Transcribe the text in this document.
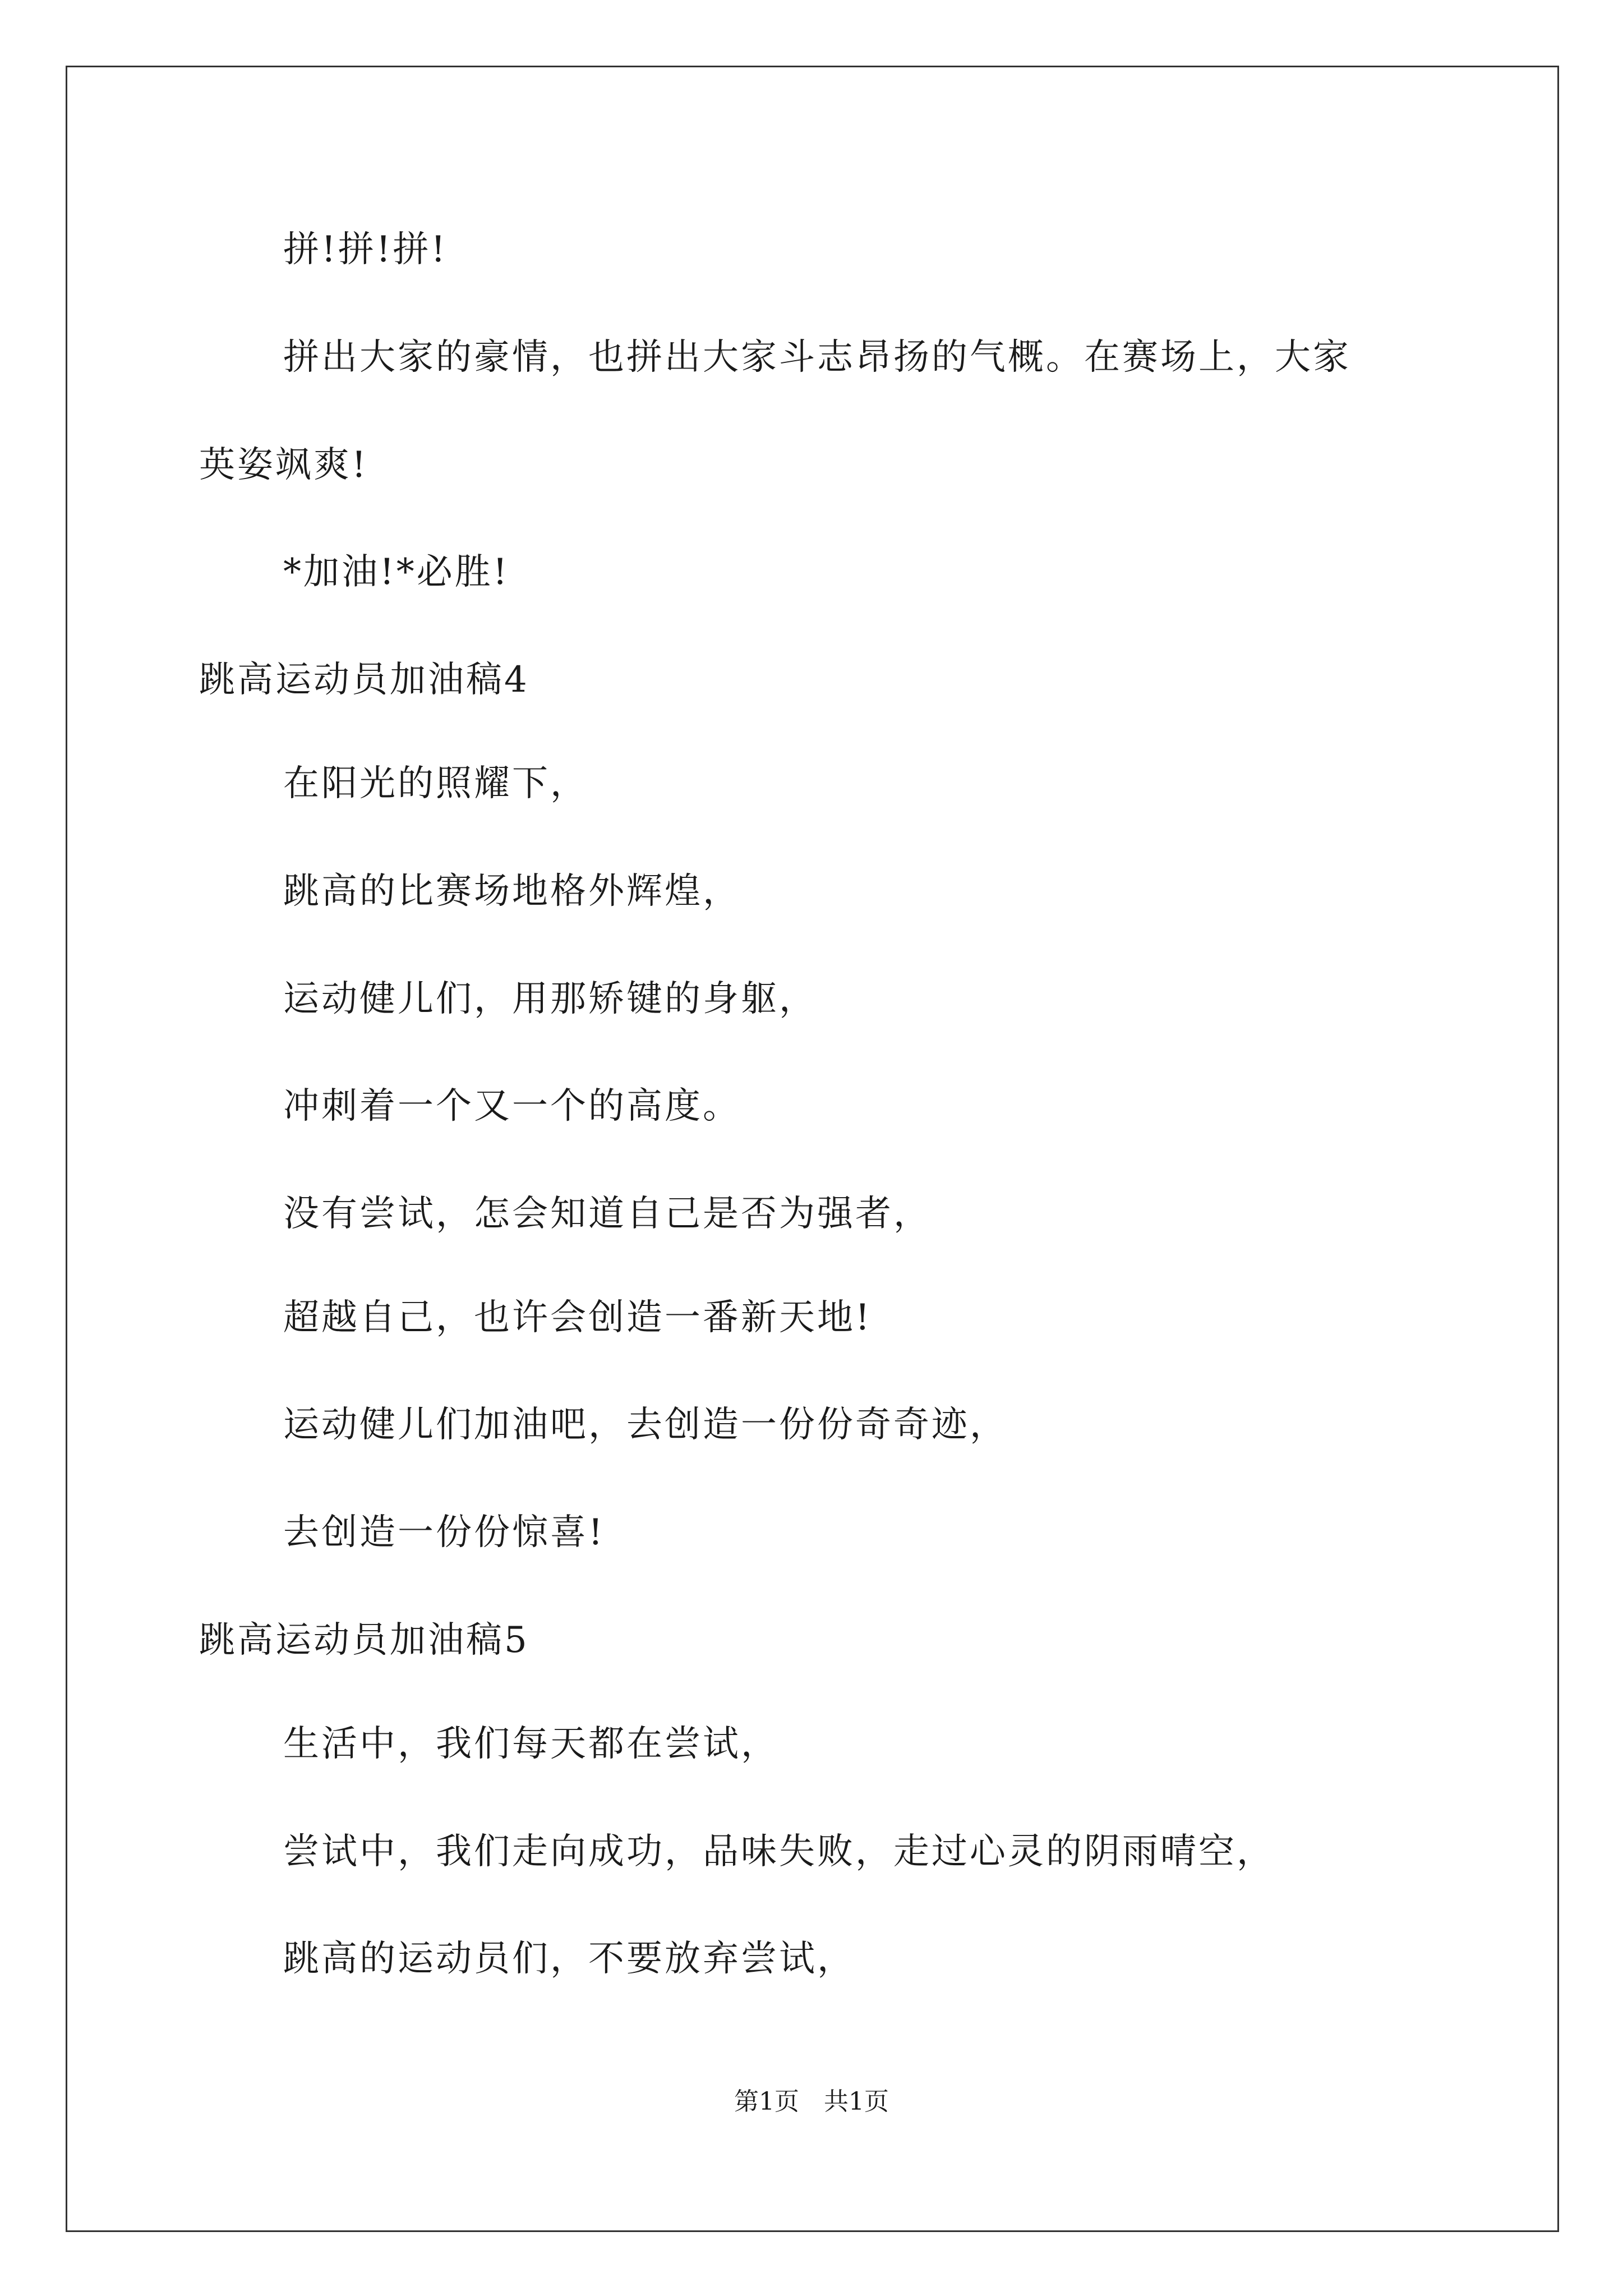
拼!拼!拼!
拼出大家的豪情，也拼出大家斗志昂扬的气概。在赛场上，大家
英姿飒爽!
*加油!*必胜!
跳高运动员加油稿4
在阳光的照耀下，
跳高的比赛场地格外辉煌，
运动健儿们，用那矫键的身躯，
冲刺着一个又一个的高度。
没有尝试，怎会知道自己是否为强者，
超越自己，也许会创造一番新天地!
运动健儿们加油吧，去创造一份份奇奇迹，
去创造一份份惊喜!
跳高运动员加油稿5
生活中，我们每天都在尝试，
尝试中，我们走向成功，品味失败，走过心灵的阴雨晴空，
跳高的运动员们，不要放弃尝试，
第1页　共1页
